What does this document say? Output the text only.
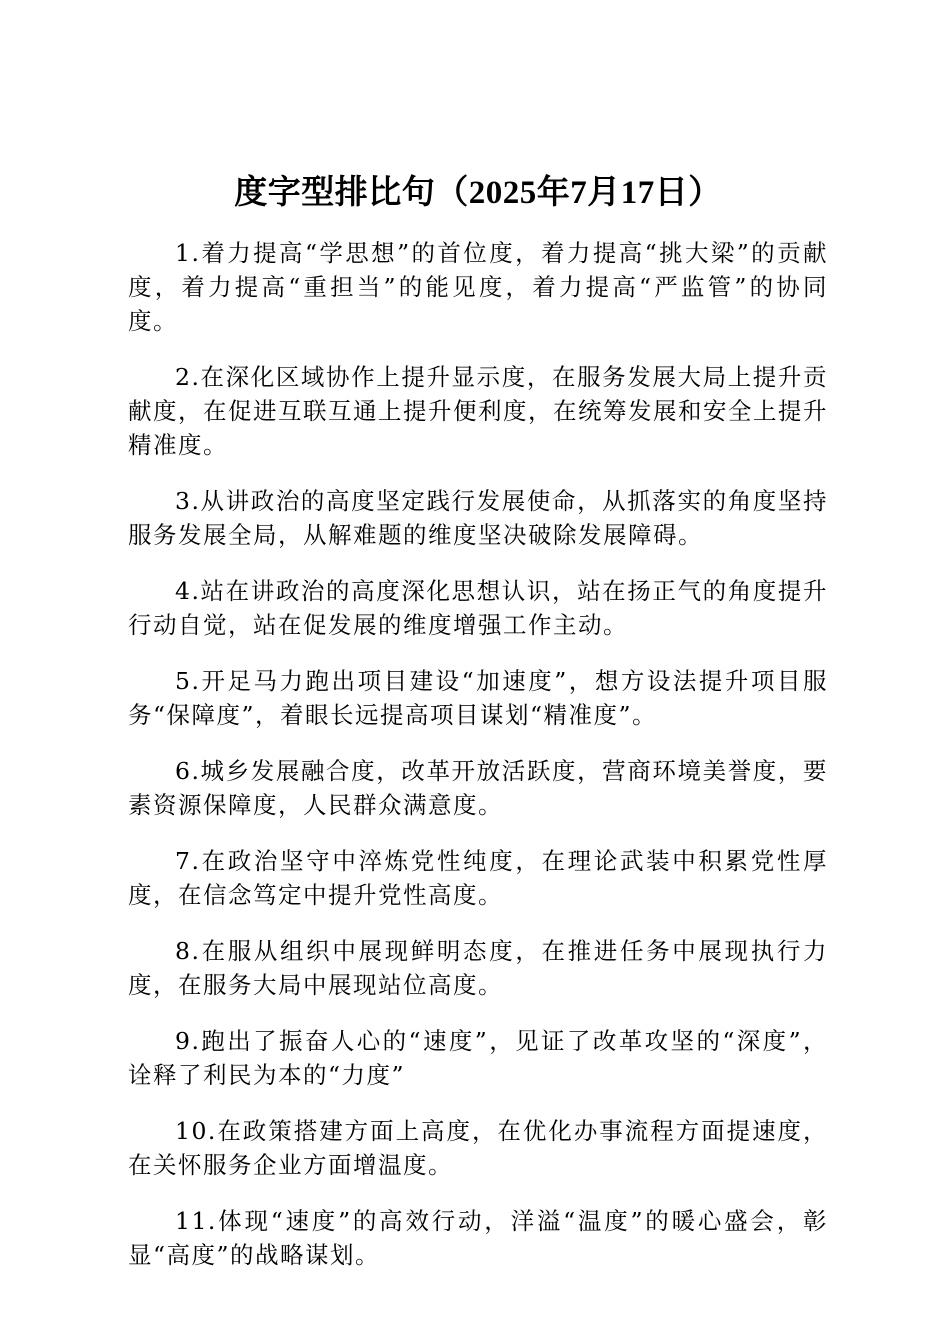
度字型排比句（2025年7月17日）

1.着力提高“学思想”的首位度，着力提高“挑大梁”的贡献度，着力提高“重担当”的能见度，着力提高“严监管”的协同度。

2.在深化区域协作上提升显示度，在服务发展大局上提升贡献度，在促进互联互通上提升便利度，在统筹发展和安全上提升精准度。

3.从讲政治的高度坚定践行发展使命，从抓落实的角度坚持服务发展全局，从解难题的维度坚决破除发展障碍。

4.站在讲政治的高度深化思想认识，站在扬正气的角度提升行动自觉，站在促发展的维度增强工作主动。

5.开足马力跑出项目建设“加速度”，想方设法提升项目服务“保障度”，着眼长远提高项目谋划“精准度”。

6.城乡发展融合度，改革开放活跃度，营商环境美誉度，要素资源保障度，人民群众满意度。

7.在政治坚守中淬炼党性纯度，在理论武装中积累党性厚度，在信念笃定中提升党性高度。

8.在服从组织中展现鲜明态度，在推进任务中展现执行力度，在服务大局中展现站位高度。

9.跑出了振奋人心的“速度”，见证了改革攻坚的“深度”，诠释了利民为本的“力度”

10.在政策搭建方面上高度，在优化办事流程方面提速度，在关怀服务企业方面增温度。

11.体现“速度”的高效行动，洋溢“温度”的暖心盛会，彰显“高度”的战略谋划。
